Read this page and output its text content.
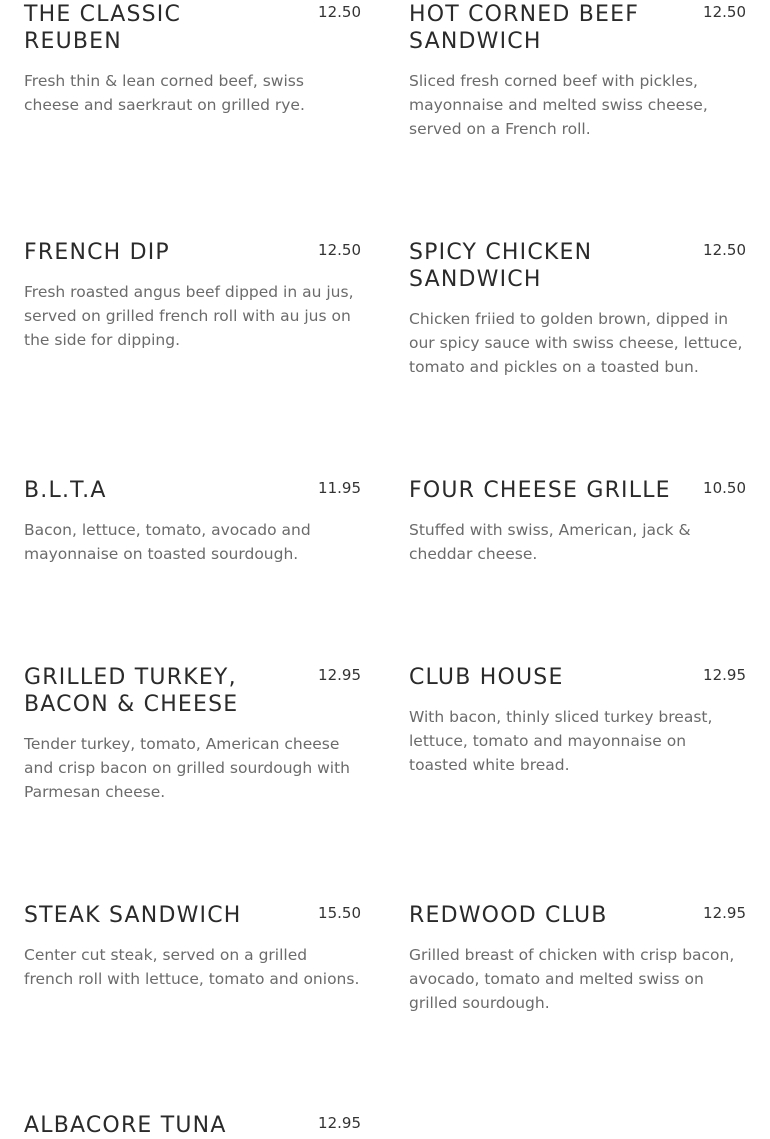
THE CLASSIC REUBEN
12.50
Fresh thin & lean corned beef, swiss cheese and saerkraut on grilled rye.
HOT CORNED BEEF SANDWICH
12.50
Sliced fresh corned beef with pickles, mayonnaise and melted swiss cheese, served on a French roll.
FRENCH DIP	12.50
Fresh roasted angus beef dipped in au jus, served on grilled french roll with au jus on the side for dipping.
SPICY CHICKEN SANDWICH
12.50
Chicken friied to golden brown, dipped in our spicy sauce with swiss cheese, lettuce, tomato and pickles on a toasted bun.
B.L.T.A	11.95
Bacon, lettuce, tomato, avocado and mayonnaise on toasted sourdough.
FOUR CHEESE GRILLE	10.50
Stuffed with swiss, American, jack & cheddar cheese.
GRILLED TURKEY, BACON & CHEESE
12.95
Tender turkey, tomato, American cheese and crisp bacon on grilled sourdough with Parmesan cheese.
CLUB HOUSE	12.95
With bacon, thinly sliced turkey breast, lettuce, tomato and mayonnaise on toasted white bread.
STEAK SANDWICH	15.50
Center cut steak, served on a grilled french roll with lettuce, tomato and onions.
REDWOOD CLUB	12.95
Grilled breast of chicken with crisp bacon, avocado, tomato and melted swiss on grilled sourdough.
ALBACORE TUNA	12.95
